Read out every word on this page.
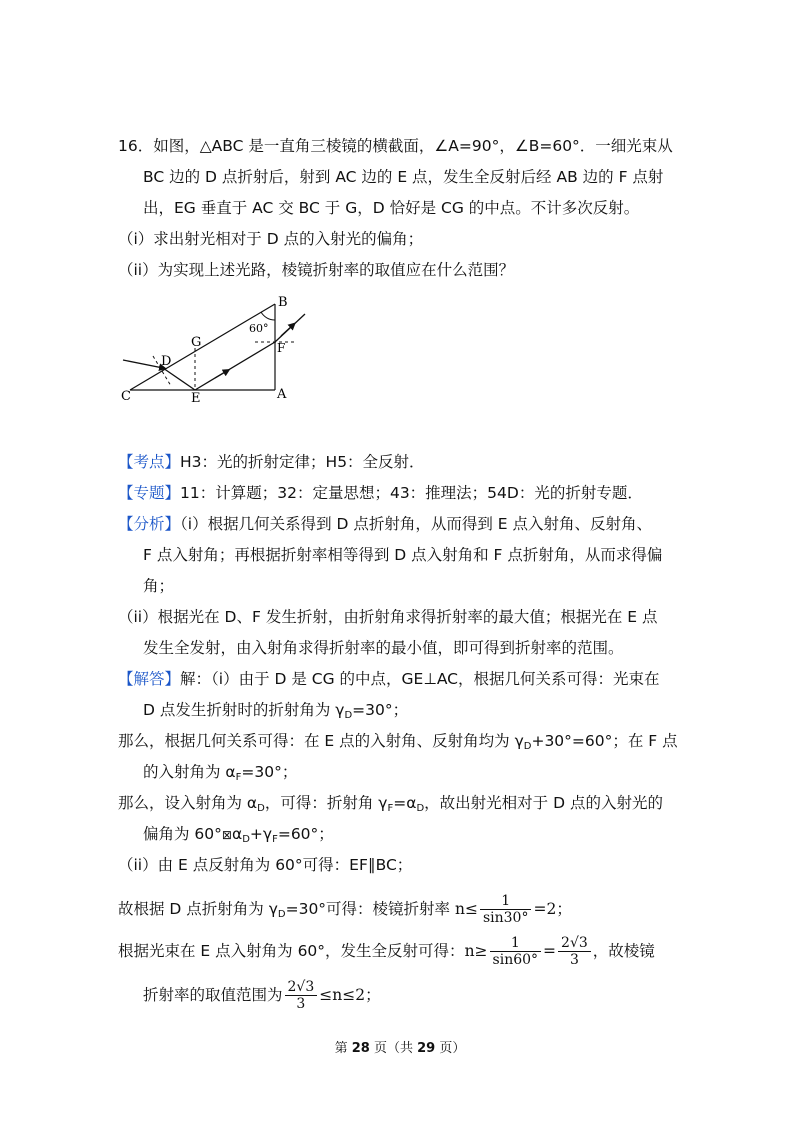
16．如图，△ABC 是一直角三棱镜的横截面，∠A=90°，∠B=60°．一细光束从
BC 边的 D 点折射后，射到 AC 边的 E 点，发生全反射后经 AB 边的 F 点射
出，EG 垂直于 AC 交 BC 于 G，D 恰好是 CG 的中点。不计多次反射。
（i）求出射光相对于 D 点的入射光的偏角；
（ii）为实现上述光路，棱镜折射率的取值应在什么范围？
B
A
C	E
G
D
F
60°
【考点】H3：光的折射定律；H5：全反射．
【专题】11：计算题；32：定量思想；43：推理法；54D：光的折射专题．
【分析】（i）根据几何关系得到 D 点折射角，从而得到 E 点入射角、反射角、
F 点入射角；再根据折射率相等得到 D 点入射角和 F 点折射角，从而求得偏
角；
（ii）根据光在 D、F 发生折射，由折射角求得折射率的最大值；根据光在 E 点
发生全发射，由入射角求得折射率的最小值，即可得到折射率的范围。
【解答】解：（i）由于 D 是 CG 的中点，GE⊥AC，根据几何关系可得：光束在
D 点发生折射时的折射角为 $\gamma_D=30^\circ$；
那么，根据几何关系可得：在 E 点的入射角、反射角均为 $\gamma_D+30^\circ=60^\circ$；在 F 点
的入射角为 $\alpha_F=30^\circ$；
那么，设入射角为 $\alpha_D$，可得：折射角 $\gamma_F=\alpha_D$，故出射光相对于 D 点的入射光的
偏角为 $60^\circ⊠\alpha_D+\gamma_F=60^\circ$；
（ii）由 E 点反射角为 60°可得：EF∥BC；
故根据 D 点折射角为 $\gamma_D=30^\circ$可得：棱镜折射率 $n\le \frac{1}{\sin 30^\circ} =2$；
根据光束在 E 点入射角为 60°，发生全反射可得：$n\ge \frac{1}{\sin 60^\circ} = \frac{2√3}{3}$ ，故棱镜
折射率的取值范围为 $\frac{2√3}{3} \le n\le 2$；
第 28 页（共 29 页）
